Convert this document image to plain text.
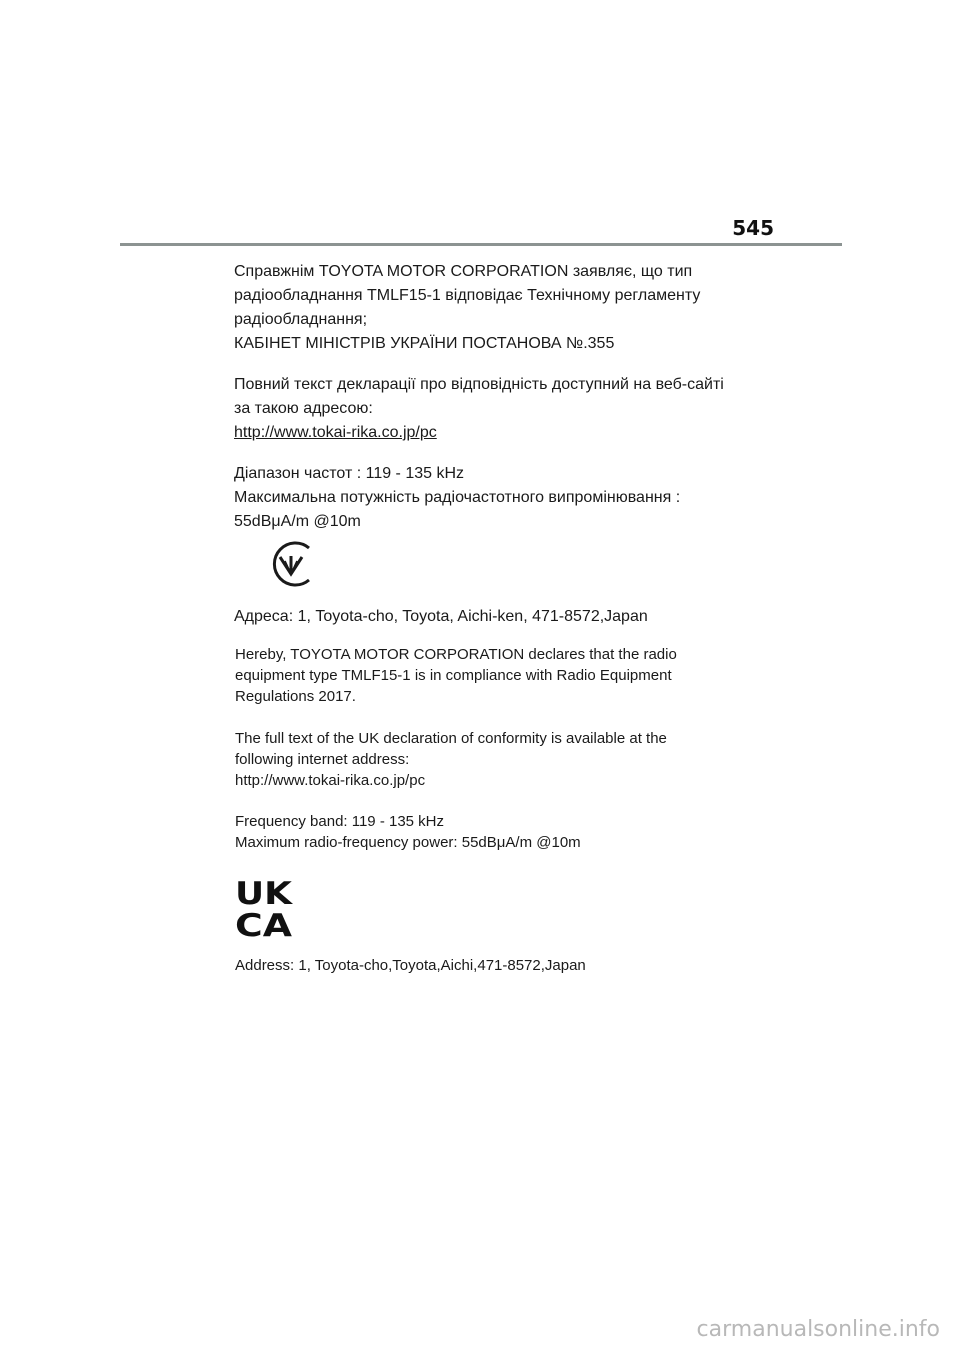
545
Справжнім TOYOTA MOTOR CORPORATION заявляє, що тип
радіообладнання TMLF15-1 відповідає Технічному регламенту
радіообладнання;
КАБІНЕТ МІНІСТРІВ УКРАЇНИ ПОСТАНОВА №.355
Повний текст декларації про відповідність доступний на веб-сайті
за такою адресою:
http://www.tokai-rika.co.jp/pc
Діапазон частот : 119 - 135 kHz
Максимальна потужність радіочастотного випромінювання :
55dBμA/m @10m
Адреса: 1, Toyota-cho, Toyota, Aichi-ken, 471-8572,Japan
Hereby, TOYOTA MOTOR CORPORATION declares that the radio
equipment type TMLF15-1 is in compliance with Radio Equipment
Regulations 2017.
The full text of the UK declaration of conformity is available at the
following internet address:
http://www.tokai-rika.co.jp/pc
Frequency band: 119 - 135 kHz
Maximum radio-frequency power: 55dBμA/m @10m
UK
CA
Address: 1, Toyota-cho,Toyota,Aichi,471-8572,Japan
carmanualsonline.info
